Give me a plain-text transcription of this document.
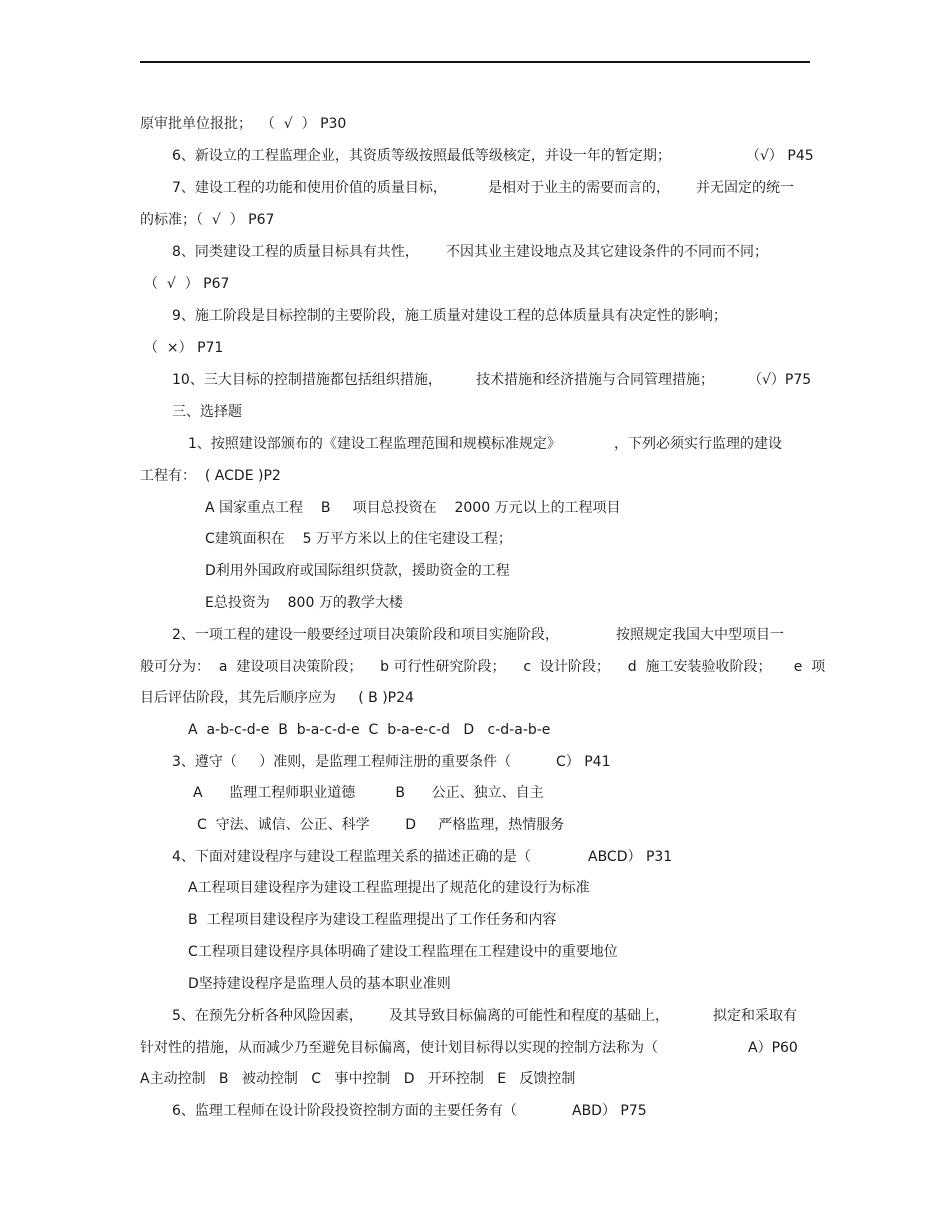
原审批单位报批；  （  √  ） P30
6、新设立的工程监理企业，其资质等级按照最低等级核定，并设一年的暂定期；	（√） P45
7、建设工程的功能和使用价值的质量目标，	是相对于业主的需要而言的， 并无固定的统一
的标准；（  √  ） P67
8、同类建设工程的质量目标具有共性， 不因其业主建设地点及其它建设条件的不同而不同；
（  √  ） P67
9、施工阶段是目标控制的主要阶段，施工质量对建设工程的总体质量具有决定性的影响；
（  ×） P71
10、三大目标的控制措施都包括组织措施， 技术措施和经济措施与合同管理措施； （√）P75
三、选择题
1、按照建设部颁布的《建设工程监理范围和规模标准规定》	，下列必须实行监理的建设
工程有：  ( ACDE )P2
A 国家重点工程    B     项目总投资在    2000 万元以上的工程项目
C建筑面积在    5 万平方米以上的住宅建设工程；
D利用外国政府或国际组织贷款，援助资金的工程
E总投资为    800 万的教学大楼
2、一项工程的建设一般要经过项目决策阶段和项目实施阶段，	按照规定我国大中型项目一
般可分为：  a  建设项目决策阶段；    b 可行性研究阶段；    c  设计阶段；    d  施工安装验收阶段；     e  项
目后评估阶段，其先后顺序应为     ( B )P24
A  a-b-c-d-e  B  b-a-c-d-e  C  b-a-e-c-d   D   c-d-a-b-e
3、遵守（     ）准则，是监理工程师注册的重要条件（	C） P41
A      监理工程师职业道德         B      公正、独立、自主
C  守法、诚信、公正、科学        D     严格监理，热情服务
4、下面对建设程序与建设工程监理关系的描述正确的是（	ABCD） P31
A工程项目建设程序为建设工程监理提出了规范化的建设行为标准
B  工程项目建设程序为建设工程监理提出了工作任务和内容
C工程项目建设程序具体明确了建设工程监理在工程建设中的重要地位
D坚持建设程序是监理人员的基本职业准则
5、在预先分析各种风险因素， 及其导致目标偏离的可能性和程度的基础上，	拟定和采取有
针对性的措施，从而减少乃至避免目标偏离，使计划目标得以实现的控制方法称为（	A）P60
A主动控制   B   被动控制   C   事中控制   D   开环控制   E   反馈控制
6、监理工程师在设计阶段投资控制方面的主要任务有（	ABD） P75
